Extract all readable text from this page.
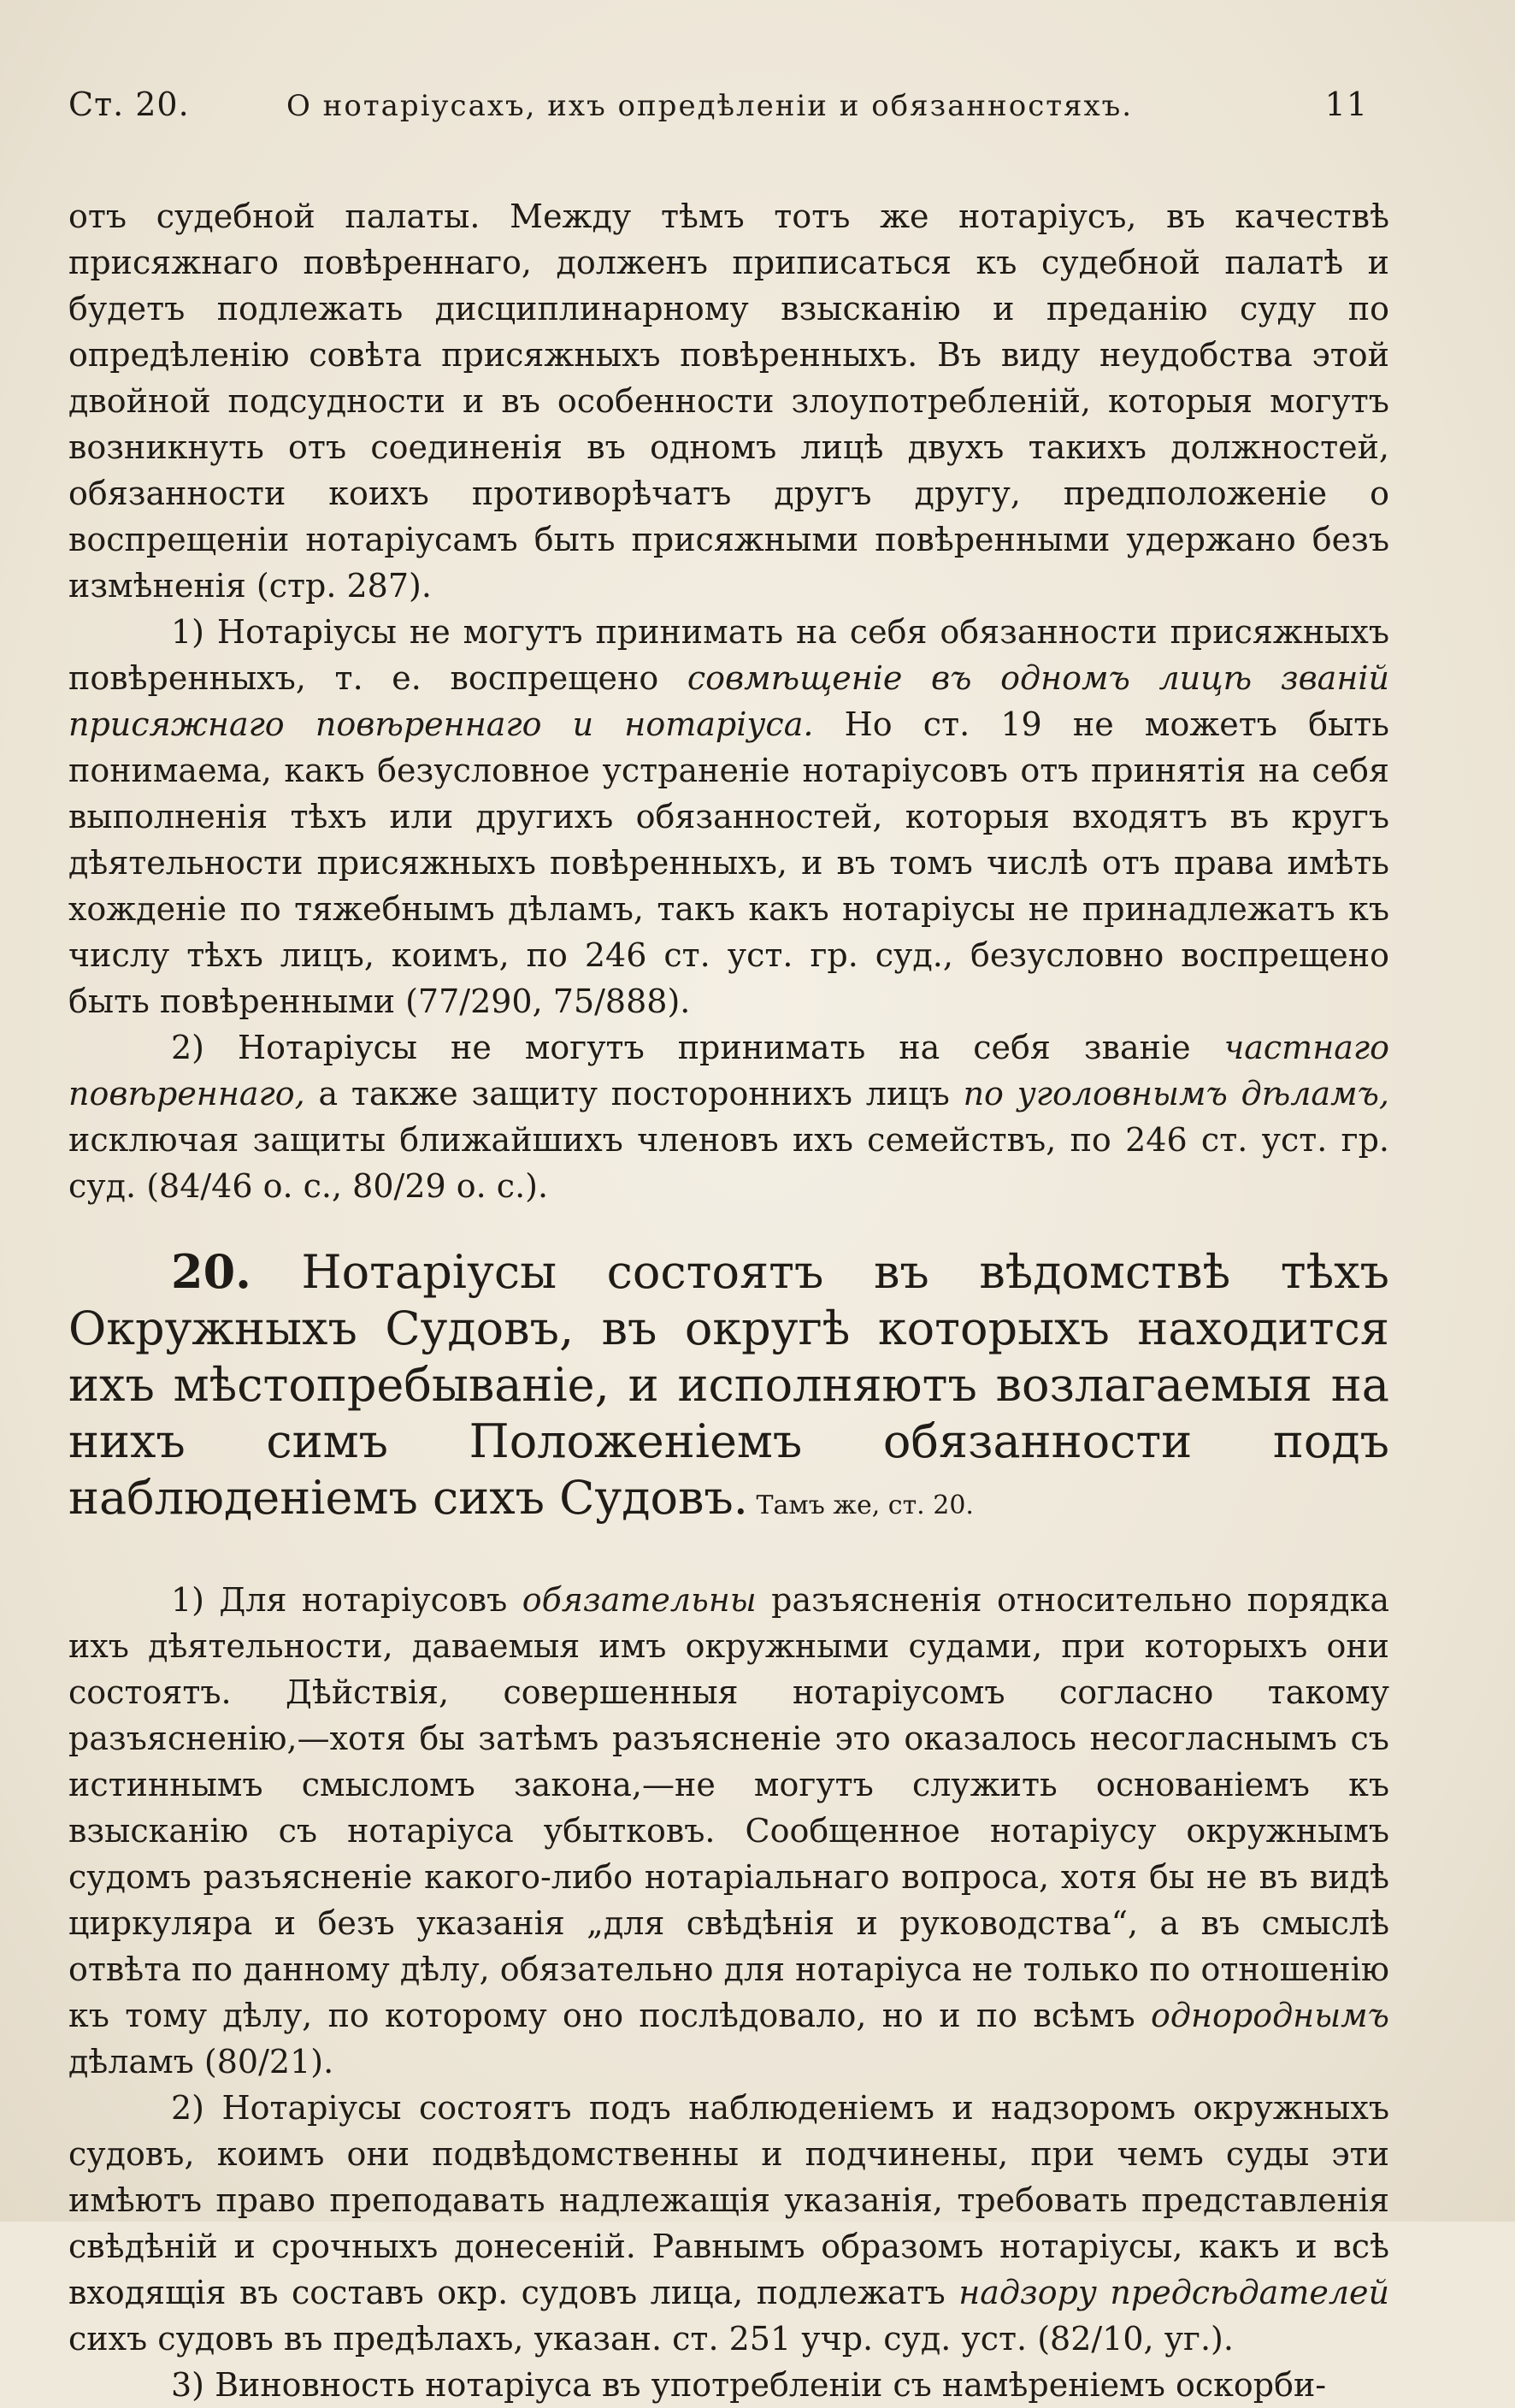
Ст. 20.	О нотаріусахъ, ихъ опредѣленіи и обязанностяхъ.	11

отъ судебной палаты. Между тѣмъ тотъ же нотаріусъ, въ качествѣ присяжнаго повѣреннаго, долженъ приписаться къ судебной палатѣ и будетъ подлежать дисциплинарному взысканію и преданію суду по опредѣленію совѣта присяжныхъ повѣренныхъ. Въ виду неудобства этой двойной подсудности и въ особенности злоупотребленій, которыя могутъ возникнуть отъ соединенія въ одномъ лицѣ двухъ такихъ должностей, обязанности коихъ противорѣчатъ другъ другу, предположеніе о воспрещеніи нотаріусамъ быть присяжными повѣренными удержано безъ измѣненія (стр. 287).

1) Нотаріусы не могутъ принимать на себя обязанности присяжныхъ повѣренныхъ, т. е. воспрещено совмѣщеніе въ одномъ лицѣ званій присяжнаго повѣреннаго и нотаріуса. Но ст. 19 не можетъ быть понимаема, какъ безусловное устраненіе нотаріусовъ отъ принятія на себя выполненія тѣхъ или другихъ обязанностей, которыя входятъ въ кругъ дѣятельности присяжныхъ повѣренныхъ, и въ томъ числѣ отъ права имѣть хожденіе по тяжебнымъ дѣламъ, такъ какъ нотаріусы не принадлежатъ къ числу тѣхъ лицъ, коимъ, по 246 ст. уст. гр. суд., безусловно воспрещено быть повѣренными (77/290, 75/888).

2) Нотаріусы не могутъ принимать на себя званіе частнаго повѣреннаго, а также защиту постороннихъ лицъ по уголовнымъ дѣламъ, исключая защиты ближайшихъ членовъ ихъ семействъ, по 246 ст. уст. гр. суд. (84/46 о. с., 80/29 о. с.).

20. Нотаріусы состоятъ въ вѣдомствѣ тѣхъ Окружныхъ Судовъ, въ округѣ которыхъ находится ихъ мѣстопребываніе, и исполняютъ возлагаемыя на нихъ симъ Положеніемъ обязанности подъ наблюденіемъ сихъ Судовъ. Тамъ же, ст. 20.

1) Для нотаріусовъ обязательны разъясненія относительно порядка ихъ дѣятельности, даваемыя имъ окружными судами, при которыхъ они состоятъ. Дѣйствія, совершенныя нотаріусомъ согласно такому разъясненію,—хотя бы затѣмъ разъясненіе это оказалось несогласнымъ съ истиннымъ смысломъ закона,—не могутъ служить основаніемъ къ взысканію съ нотаріуса убытковъ. Сообщенное нотаріусу окружнымъ судомъ разъясненіе какого-либо нотаріальнаго вопроса, хотя бы не въ видѣ циркуляра и безъ указанія „для свѣдѣнія и руководства“, а въ смыслѣ отвѣта по данному дѣлу, обязательно для нотаріуса не только по отношенію къ тому дѣлу, по которому оно послѣдовало, но и по всѣмъ однороднымъ дѣламъ (80/21).

2) Нотаріусы состоятъ подъ наблюденіемъ и надзоромъ окружныхъ судовъ, коимъ они подвѣдомственны и подчинены, при чемъ суды эти имѣютъ право преподавать надлежащія указанія, требовать представленія свѣдѣній и срочныхъ донесеній. Равнымъ образомъ нотаріусы, какъ и всѣ входящія въ составъ окр. судовъ лица, подлежатъ надзору предсѣдателей сихъ судовъ въ предѣлахъ, указан. ст. 251 учр. суд. уст. (82/10, уг.).

3) Виновность нотаріуса въ употребленіи съ намѣреніемъ оскорби-
